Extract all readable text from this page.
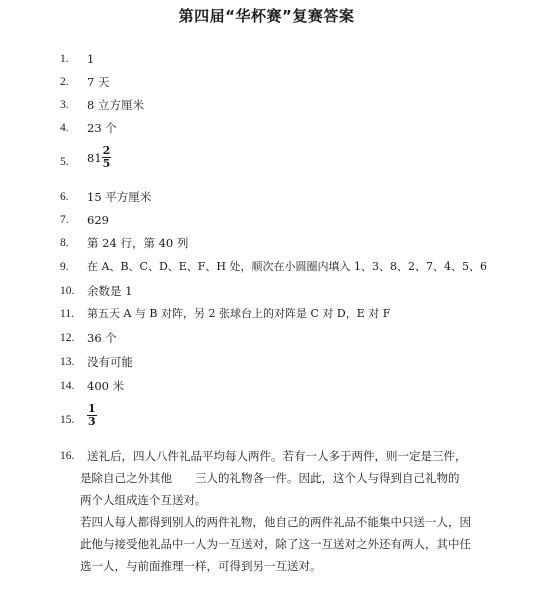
第四届“华杯赛”复赛答案
1. 1
2. 7 天
3. 8 立方厘米
4. 23 个
5. $81 \frac{2}{5}$
6. 15 平方厘米
7. 629
8. 第 24 行，第 40 列
9. 在 A、B、C、D、E、F、H 处，顺次在小圆圈内填入 1、3、8、2、7、4、5、6
10. 余数是 1
11. 第五天 A 与 B 对阵，另 2 张球台上的对阵是 C 对 D，E 对 F
12. 36 个
13. 没有可能
14. 400 米
15. $\frac{1}{3}$
16. 送礼后，四人八件礼品平均每人两件。若有一人多于两件，则一定是三件，
是除自己之外其他　　三人的礼物各一件。因此，这个人与得到自己礼物的
两个人组成连个互送对。
若四人每人都得到别人的两件礼物，他自己的两件礼品不能集中只送一人，因
此他与接受他礼品中一人为一互送对，除了这一互送对之外还有两人，其中任
选一人，与前面推理一样，可得到另一互送对。
